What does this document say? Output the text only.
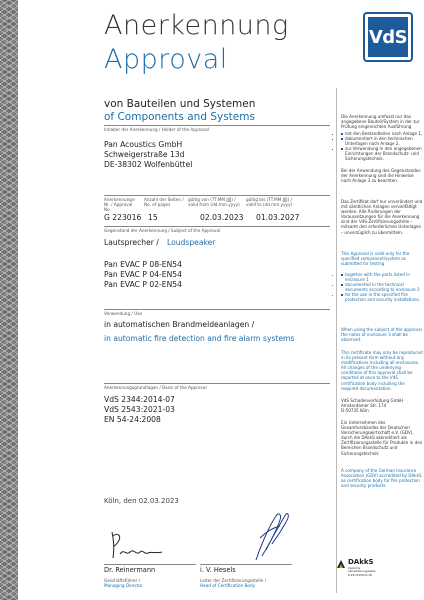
Anerkennung
Approval
VdS
von Bauteilen und Systemen
of Components and Systems
Inhaber der Anerkennung / Holder of the Approval
Pan Acoustics GmbH
Schweigerstraße 13d
DE-38302 Wolfenbüttel
Anerkennungs-Nr. / Approval No.
Anzahl der Seiten / No. of pages
gültig von (TT.MM.JJJJ) / valid from (dd.mm.yyyy)
gültig bis (TT.MM.JJJJ) / valid to (dd.mm.yyyy)
G 223016 15	02.03.2023 01.03.2027
Gegenstand der Anerkennung / Subject of the Approval
Lautsprecher / Loudspeaker
Pan EVAC P 08-EN54
Pan EVAC P 04-EN54
Pan EVAC P 02-EN54
Verwendung / Use
in automatischen Brandmeldeanlagen /
in automatic fire detection and fire alarm systems
Anerkennungsgrundlagen / Basis of the Approval
VdS 2344:2014-07
VdS 2543:2021-03
EN 54-24:2008
Köln, den 02.03.2023
Dr. Reinermann	i. V. Hesels
Geschäftsführer /
Managing Director
Leiter der Zertifizierungsstelle /
Head of Certification Body
DAkkS
Deutsche
Akkreditierungsstelle
D-ZE-11008-01-00
Die Anerkennung umfasst nur das angegebene Bauteil/System in der zur Prüfung eingereichten Ausführung
• mit den Bestandteilen nach Anlage 1,
• dokumentiert in den technischen Unterlagen nach Anlage 2,
• zur Verwendung in den angegebenen Einrichtungen der Brandschutz- und Sicherungstechnik.
Bei der Anwendung des Gegenstandes der Anerkennung sind die Hinweise nach Anlage 3 zu beachten.
Das Zertifikat darf nur unverändert und mit sämtlichen Anlagen vervielfältigt werden. Alle Änderungen der Voraussetzungen für die Anerkennung sind der VdS-Zertifizierungsstelle – mitsamt den erforderlichen Unterlagen – unverzüglich zu übermitteln.
This Approval is valid only for the specified component/system as submitted for testing
• together with the parts listed in enclosure 1
• documented in the technical documents according to enclosure 2
• for the use in the specified fire protection and security installations.
When using the subject of the approval the notes of enclosure 3 shall be observed.
This certificate may only be reproduced in its present form without any modifications including all enclosures. All changes of the underlying conditions of this approval shall be reported at once to the VdS certification body including the required documentation.
VdS Schadenverhütung GmbH
Amsterdamer Str. 174
D-50735 Köln
Ein Unternehmen des Gesamtverbandes der Deutschen Versicherungswirtschaft e.V. (GDV), durch die DAkkS akkreditiert als Zertifizierungsstelle für Produkte in den Bereichen Brandschutz und Sicherungstechnik
A company of the German Insurance Association (GDV) accredited by DAkkS as certification body for fire protection and security products
